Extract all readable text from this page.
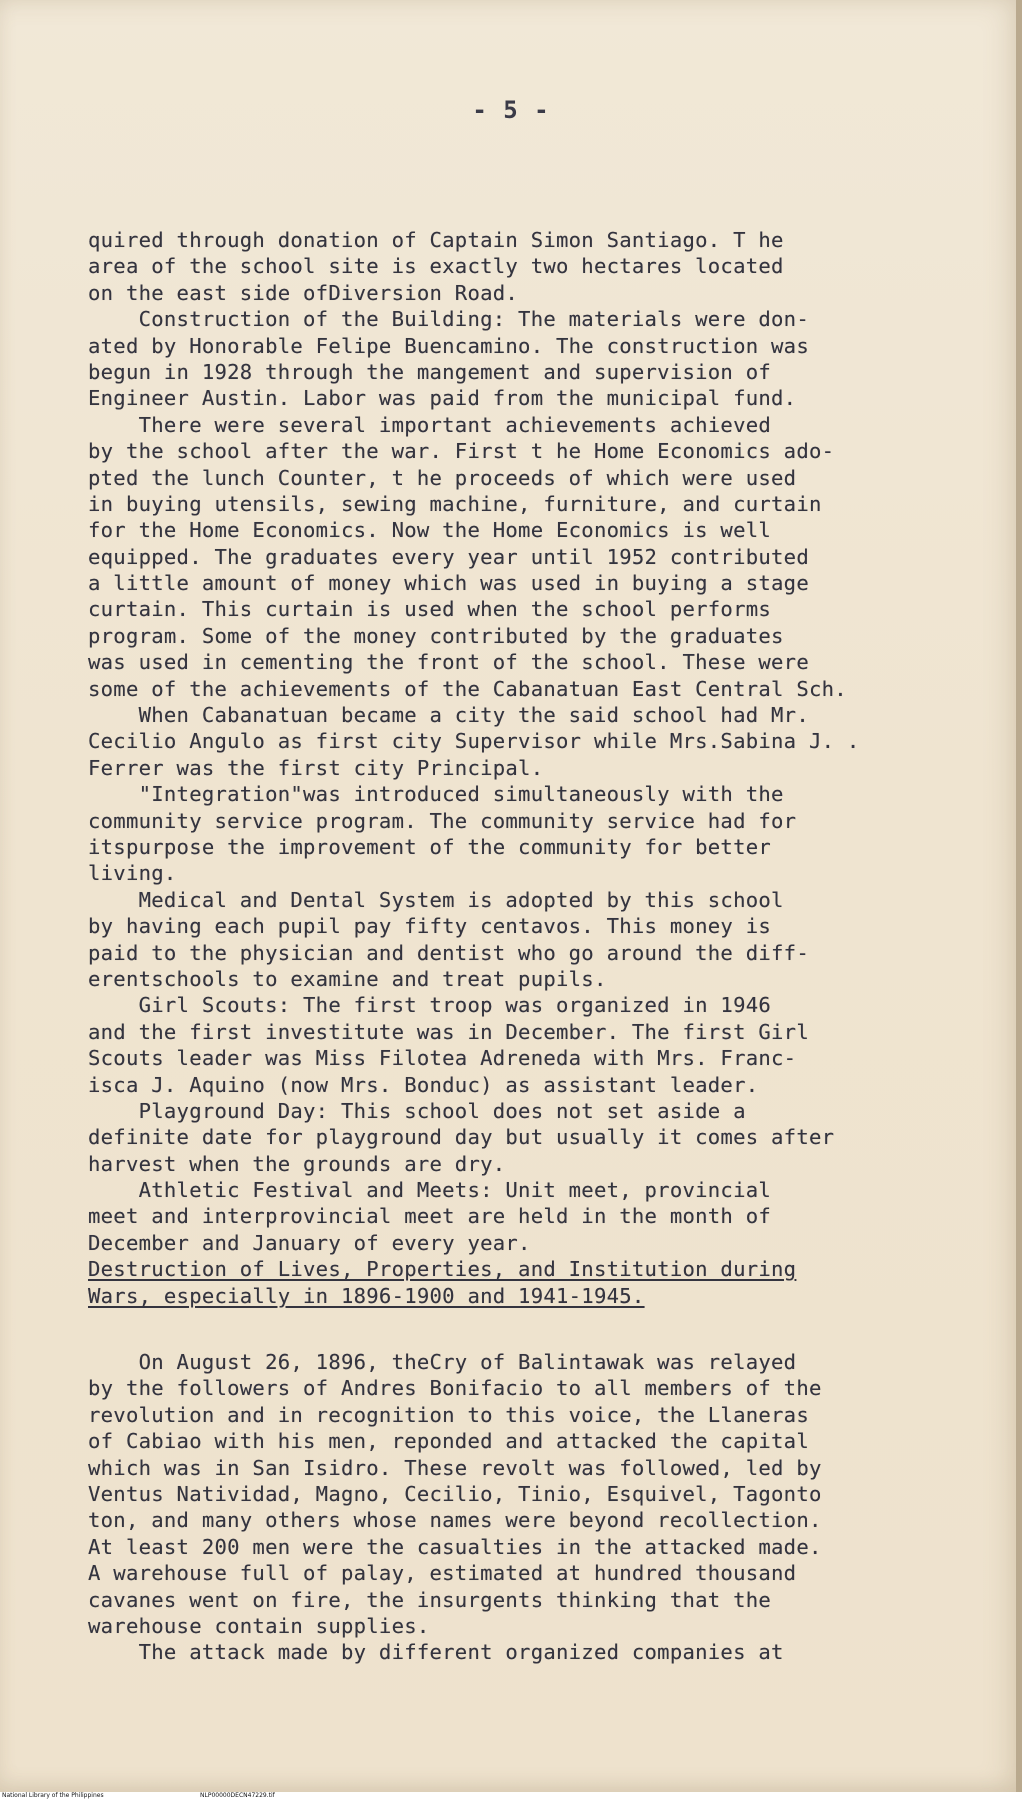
- 5 -
quired through donation of Captain Simon Santiago. T he
area of the school site is exactly two hectares located
on the east side ofDiversion Road.
Construction of the Building: The materials were don-
ated by Honorable Felipe Buencamino. The construction was
begun in 1928 through the mangement and supervision of
Engineer Austin. Labor was paid from the municipal fund.
There were several important achievements achieved
by the school after the war. First t he Home Economics ado-
pted the lunch Counter, t he proceeds of which were used
in buying utensils, sewing machine, furniture, and curtain
for the Home Economics. Now the Home Economics is well
equipped. The graduates every year until 1952 contributed
a little amount of money which was used in buying a stage
curtain. This curtain is used when the school performs
program. Some of the money contributed by the graduates
was used in cementing the front of the school. These were
some of the achievements of the Cabanatuan East Central Sch.
When Cabanatuan became a city the said school had Mr.
Cecilio Angulo as first city Supervisor while Mrs.Sabina J. .
Ferrer was the first city Principal.
"Integration"was introduced simultaneously with the
community service program. The community service had for
itspurpose the improvement of the community for better
living.
Medical and Dental System is adopted by this school
by having each pupil pay fifty centavos. This money is
paid to the physician and dentist who go around the diff-
erentschools to examine and treat pupils.
Girl Scouts: The first troop was organized in 1946
and the first investitute was in December. The first Girl
Scouts leader was Miss Filotea Adreneda with Mrs. Franc-
isca J. Aquino (now Mrs. Bonduc) as assistant leader.
Playground Day: This school does not set aside a
definite date for playground day but usually it comes after
harvest when the grounds are dry.
Athletic Festival and Meets: Unit meet, provincial
meet and interprovincial meet are held in the month of
December and January of every year.
Destruction of Lives, Properties, and Institution during
Wars, especially in 1896-1900 and 1941-1945.
On August 26, 1896, theCry of Balintawak was relayed
by the followers of Andres Bonifacio to all members of the
revolution and in recognition to this voice, the Llaneras
of Cabiao with his men, reponded and attacked the capital
which was in San Isidro. These revolt was followed, led by
Ventus Natividad, Magno, Cecilio, Tinio, Esquivel, Tagonto
ton, and many others whose names were beyond recollection.
At least 200 men were the casualties in the attacked made.
A warehouse full of palay, estimated at hundred thousand
cavanes went on fire, the insurgents thinking that the
warehouse contain supplies.
The attack made by different organized companies at
National Library of the Philippines	NLP00000DECN47229.tif
